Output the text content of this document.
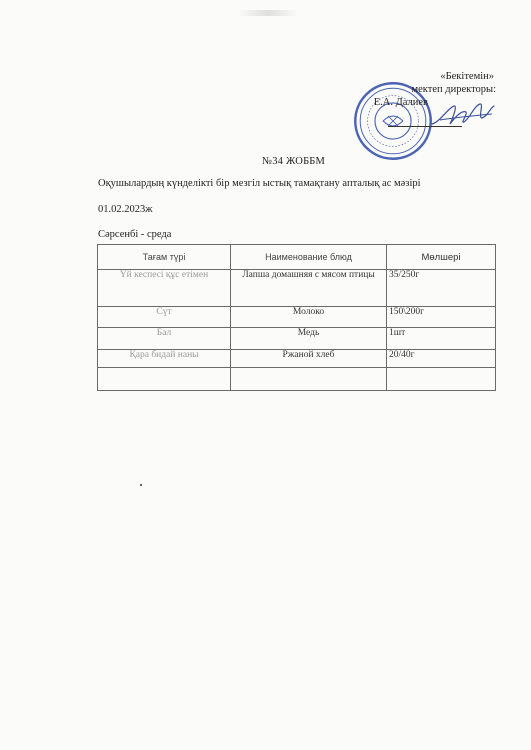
«Бекітемін»
мектеп директоры:
Е.А. Далиев
№34 ЖОББМ
Оқушылардың күнделікті бір мезгіл ыстық тамақтану апталық ас мәзірі
01.02.2023ж
Сәрсенбі - среда
Тағам түрі	Наименование блюд	Мөлшері
Үй кеспесі құс етімен	Лапша домашняя с мясом птицы	35/250г
Сүт	Молоко	150\200г
Бал	Медь	1шт
Қара бидай наны	Ржаной хлеб	20/40г
